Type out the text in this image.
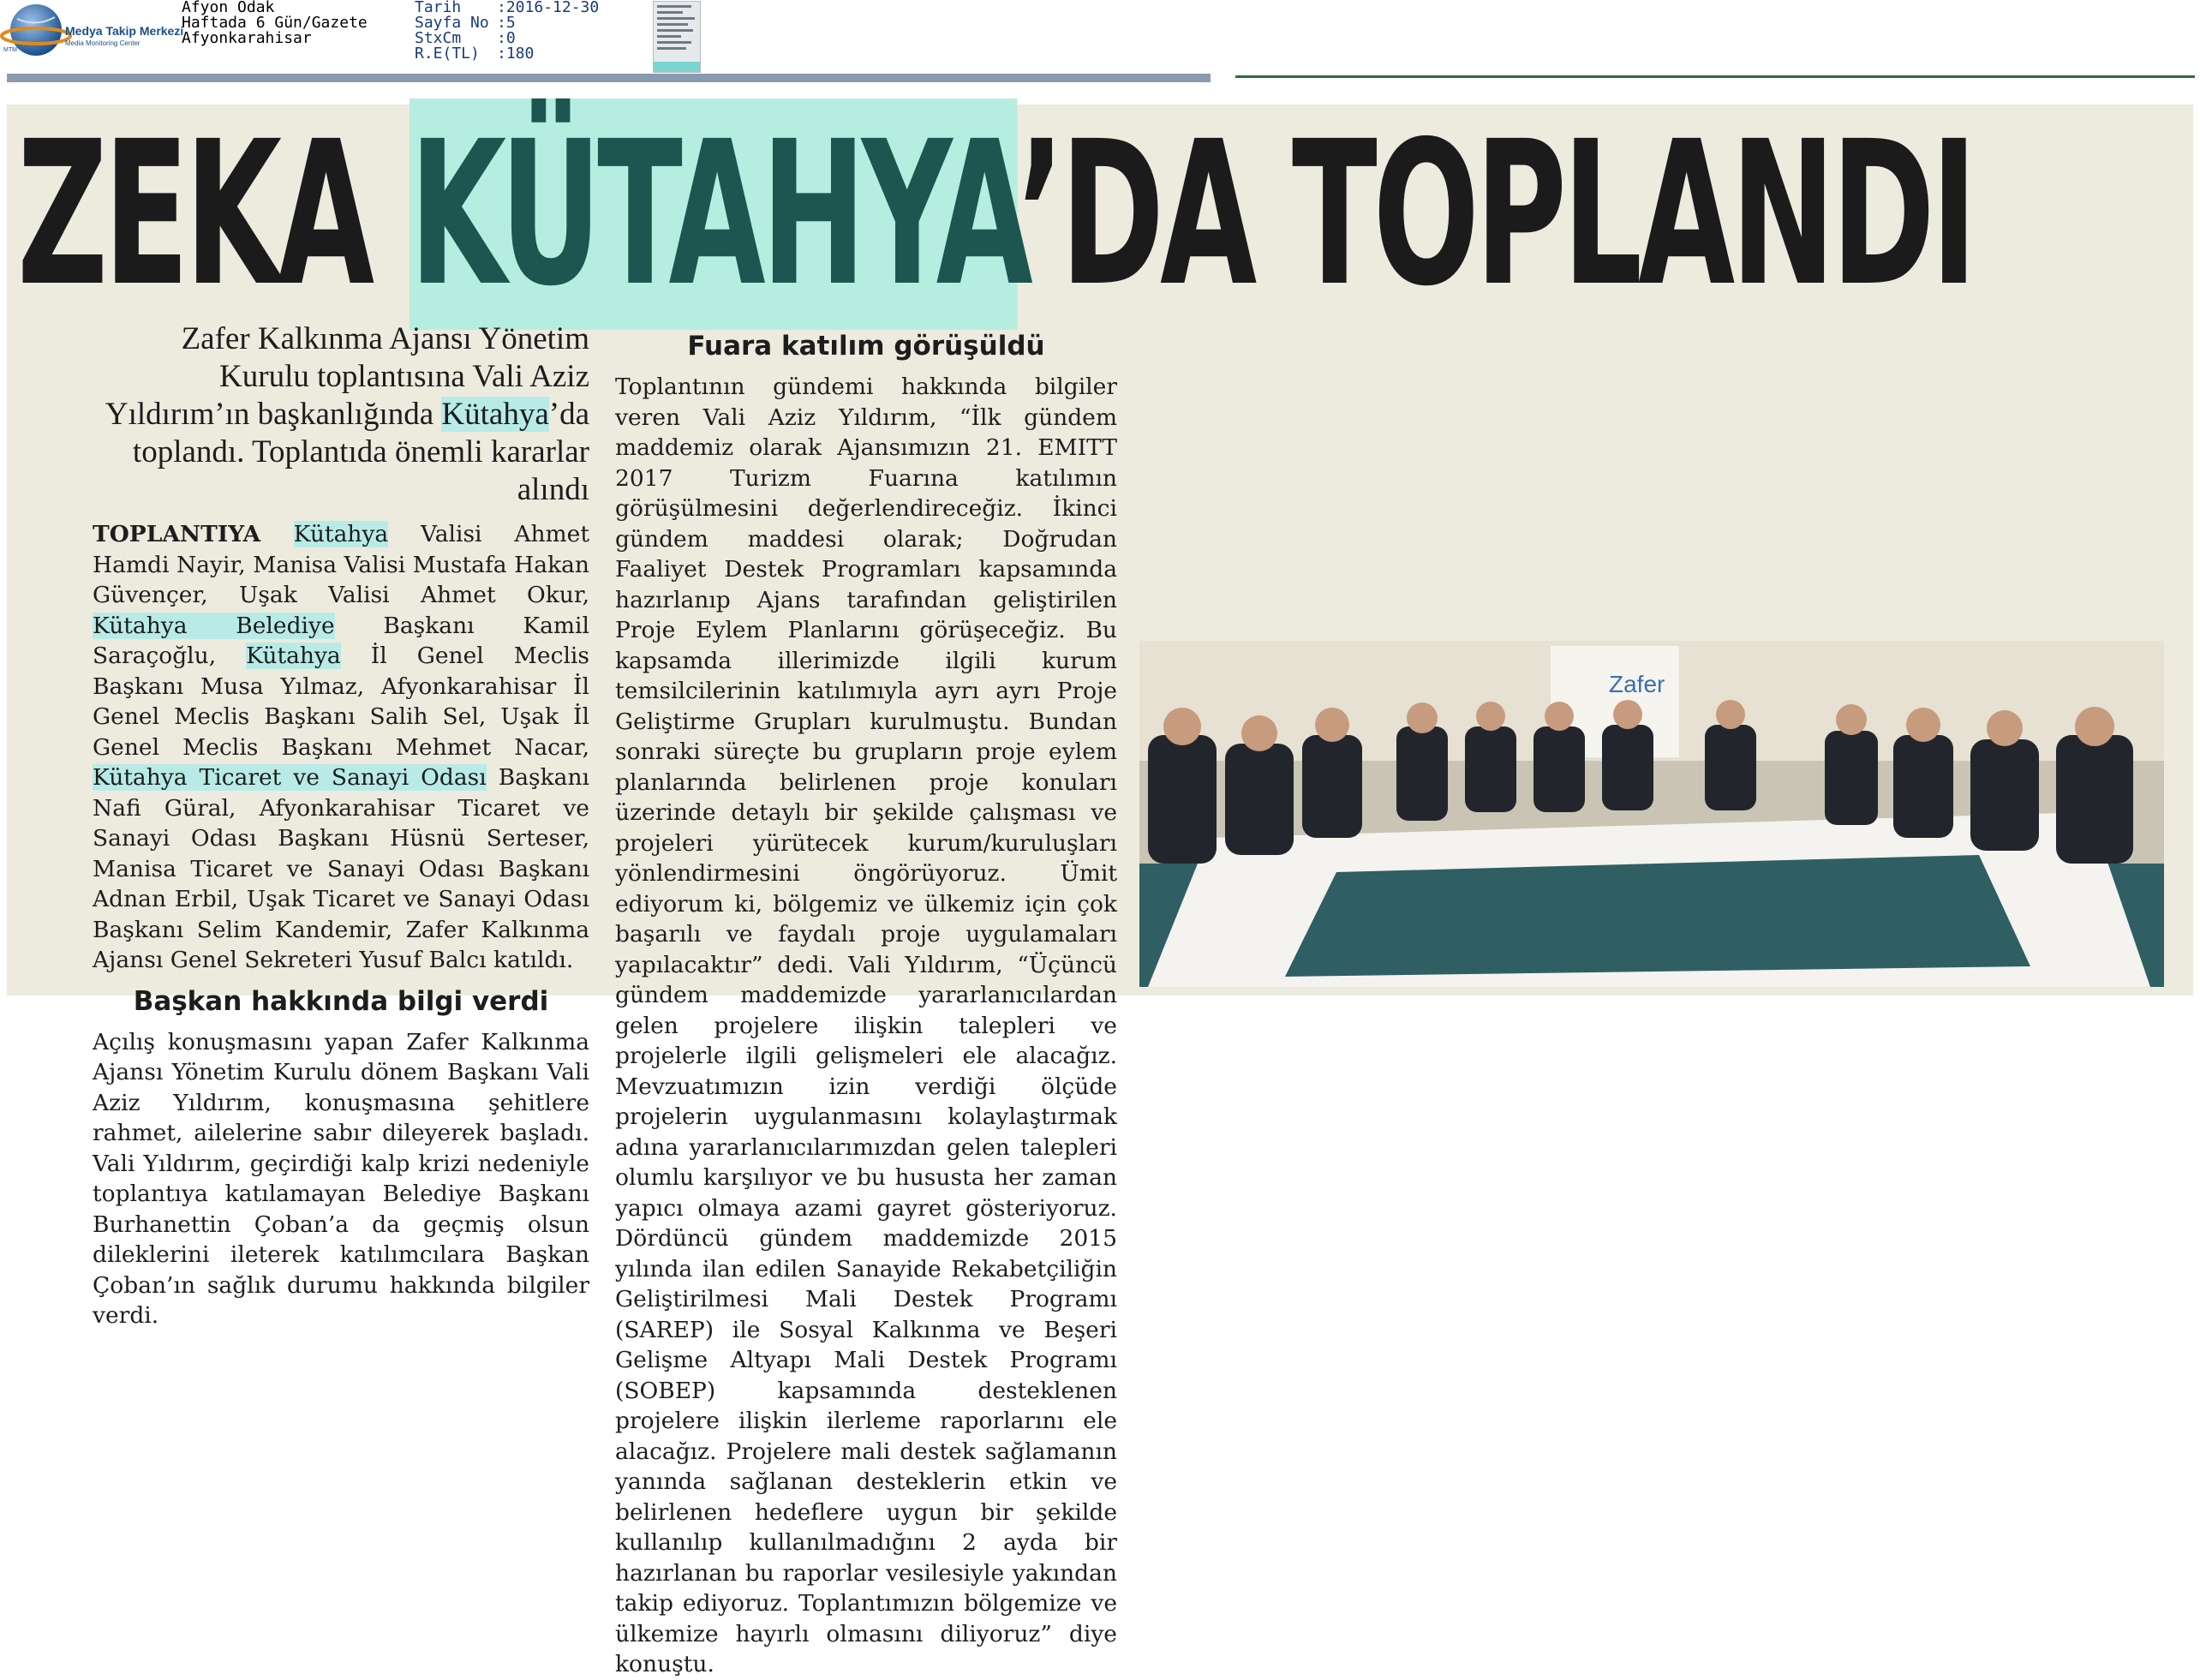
MTM
Medya Takip Merkezi
Media Monitoring Center
Afyon Odak
Haftada 6 Gün/Gazete
Afyonkarahisar
Tarih	:2016-12-30
Sayfa No :5
StxCm	:0
R.E(TL)	:180
ZEKA KÜTAHYA’DA TOPLANDI

Zafer Kalkınma Ajansı Yönetim Kurulu toplantısına Vali Aziz Yıldırım’ın başkanlığında Kütahya’da toplandı. Toplantıda önemli kararlar alındı

TOPLANTIYA Kütahya Valisi Ahmet Hamdi Nayir, Manisa Valisi Mustafa Hakan Güvençer, Uşak Valisi Ahmet Okur, Kütahya Belediye Başkanı Kamil Saraçoğlu, Kütahya İl Genel Meclis Başkanı Musa Yılmaz, Afyonkarahisar İl Genel Meclis Başkanı Salih Sel, Uşak İl Genel Meclis Başkanı Mehmet Nacar, Kütahya Ticaret ve Sanayi Odası Başkanı Nafi Güral, Afyonkarahisar Ticaret ve Sanayi Odası Başkanı Hüsnü Serteser, Manisa Ticaret ve Sanayi Odası Başkanı Adnan Erbil, Uşak Ticaret ve Sanayi Odası Başkanı Selim Kandemir, Zafer Kalkınma Ajansı Genel Sekreteri Yusuf Balcı katıldı.

Başkan hakkında bilgi verdi

Açılış konuşmasını yapan Zafer Kalkınma Ajansı Yönetim Kurulu dönem Başkanı Vali Aziz Yıldırım, konuşmasına şehitlere rahmet, ailelerine sabır dileyerek başladı. Vali Yıldırım, geçirdiği kalp krizi nedeniyle toplantıya katılamayan Belediye Başkanı Burhanettin Çoban’a da geçmiş olsun dileklerini ileterek katılımcılara Başkan Çoban’ın sağlık durumu hakkında bilgiler verdi.

Fuara katılım görüşüldü

Toplantının gündemi hakkında bilgiler veren Vali Aziz Yıldırım, “İlk gündem maddemiz olarak Ajansımızın 21. EMITT 2017 Turizm Fuarına katılımın görüşülmesini değerlendireceğiz. İkinci gündem maddesi olarak; Doğrudan Faaliyet Destek Programları kapsamında hazırlanıp Ajans tarafından geliştirilen Proje Eylem Planlarını görüşeceğiz. Bu kapsamda illerimizde ilgili kurum temsilcilerinin katılımıyla ayrı ayrı Proje Geliştirme Grupları kurulmuştu. Bundan sonraki süreçte bu grupların proje eylem planlarında belirlenen proje konuları üzerinde detaylı bir şekilde çalışması ve projeleri yürütecek kurum/kuruluşları yönlendirmesini öngörüyoruz. Ümit ediyorum ki, bölgemiz ve ülkemiz için çok başarılı ve faydalı proje uygulamaları yapılacaktır” dedi. Vali Yıldırım, “Üçüncü gündem maddemizde yararlanıcılardan gelen projelere ilişkin talepleri ve projelerle ilgili gelişmeleri ele alacağız. Mevzuatımızın izin verdiği ölçüde projelerin uygulanmasını kolaylaştırmak adına yararlanıcılarımızdan gelen talepleri olumlu karşılıyor ve bu hususta her zaman yapıcı olmaya azami gayret gösteriyoruz. Dördüncü gündem maddemizde 2015 yılında ilan edilen Sanayide Rekabetçiliğin Geliştirilmesi Mali Destek Programı (SAREP) ile Sosyal Kalkınma ve Beşeri Gelişme Altyapı Mali Destek Programı (SOBEP) kapsamında desteklenen projelere ilişkin ilerleme raporlarını ele alacağız. Projelere mali destek sağlamanın yanında sağlanan desteklerin etkin ve belirlenen hedeflere uygun bir şekilde kullanılıp kullanılmadığını 2 ayda bir hazırlanan bu raporlar vesilesiyle yakından takip ediyoruz. Toplantımızın bölgemize ve ülkemize hayırlı olmasını diliyoruz” diye konuştu.

Zafer
